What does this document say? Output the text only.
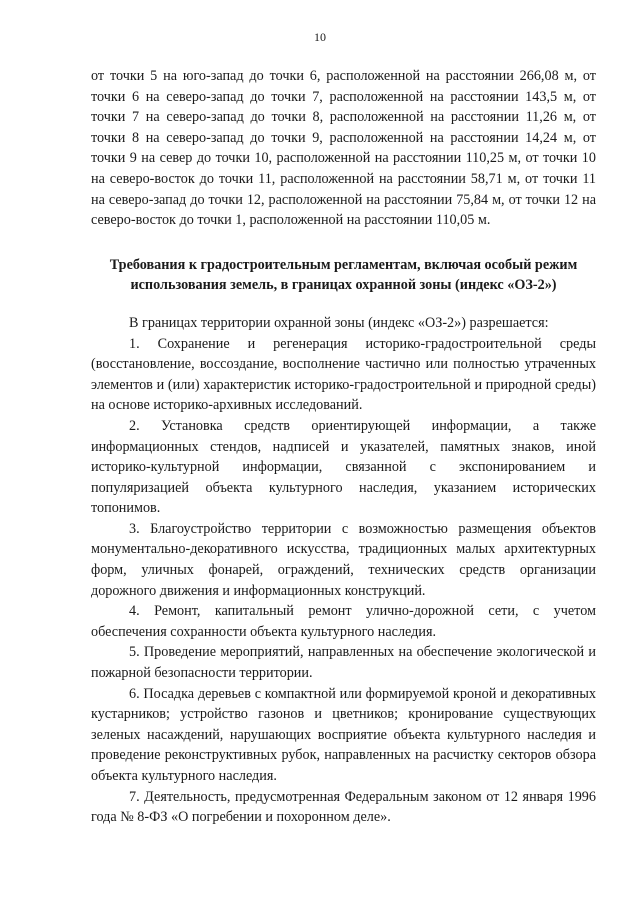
10

от точки 5 на юго-запад до точки 6, расположенной на расстоянии 266,08 м, от точки 6 на северо-запад до точки 7, расположенной на расстоянии 143,5 м, от точки 7 на северо-запад до точки 8, расположенной на расстоянии 11,26 м, от точки 8 на северо-запад до точки 9, расположенной на расстоянии 14,24 м, от точки 9 на север до точки 10, расположенной на расстоянии 110,25 м, от точки 10 на северо-восток до точки 11, расположенной на расстоянии 58,71 м, от точки 11 на северо-запад до точки 12, расположенной на расстоянии 75,84 м, от точки 12 на северо-восток до точки 1, расположенной на расстоянии 110,05 м.

Требования к градостроительным регламентам, включая особый режим использования земель, в границах охранной зоны (индекс «ОЗ-2»)

В границах территории охранной зоны (индекс «ОЗ-2») разрешается:

1. Сохранение и регенерация историко-градостроительной среды (восстановление, воссоздание, восполнение частично или полностью утраченных элементов и (или) характеристик историко-градостроительной и природной среды) на основе историко-архивных исследований.

2. Установка средств ориентирующей информации, а также информационных стендов, надписей и указателей, памятных знаков, иной историко-культурной информации, связанной с экспонированием и популяризацией объекта культурного наследия, указанием исторических топонимов.

3. Благоустройство территории с возможностью размещения объектов монументально-декоративного искусства, традиционных малых архитектурных форм, уличных фонарей, ограждений, технических средств организации дорожного движения и информационных конструкций.

4. Ремонт, капитальный ремонт улично-дорожной сети, с учетом обеспечения сохранности объекта культурного наследия.

5. Проведение мероприятий, направленных на обеспечение экологической и пожарной безопасности территории.

6. Посадка деревьев с компактной или формируемой кроной и декоративных кустарников; устройство газонов и цветников; кронирование существующих зеленых насаждений, нарушающих восприятие объекта культурного наследия и проведение реконструктивных рубок, направленных на расчистку секторов обзора объекта культурного наследия.

7. Деятельность, предусмотренная Федеральным законом от 12 января 1996 года № 8-ФЗ «О погребении и похоронном деле».
